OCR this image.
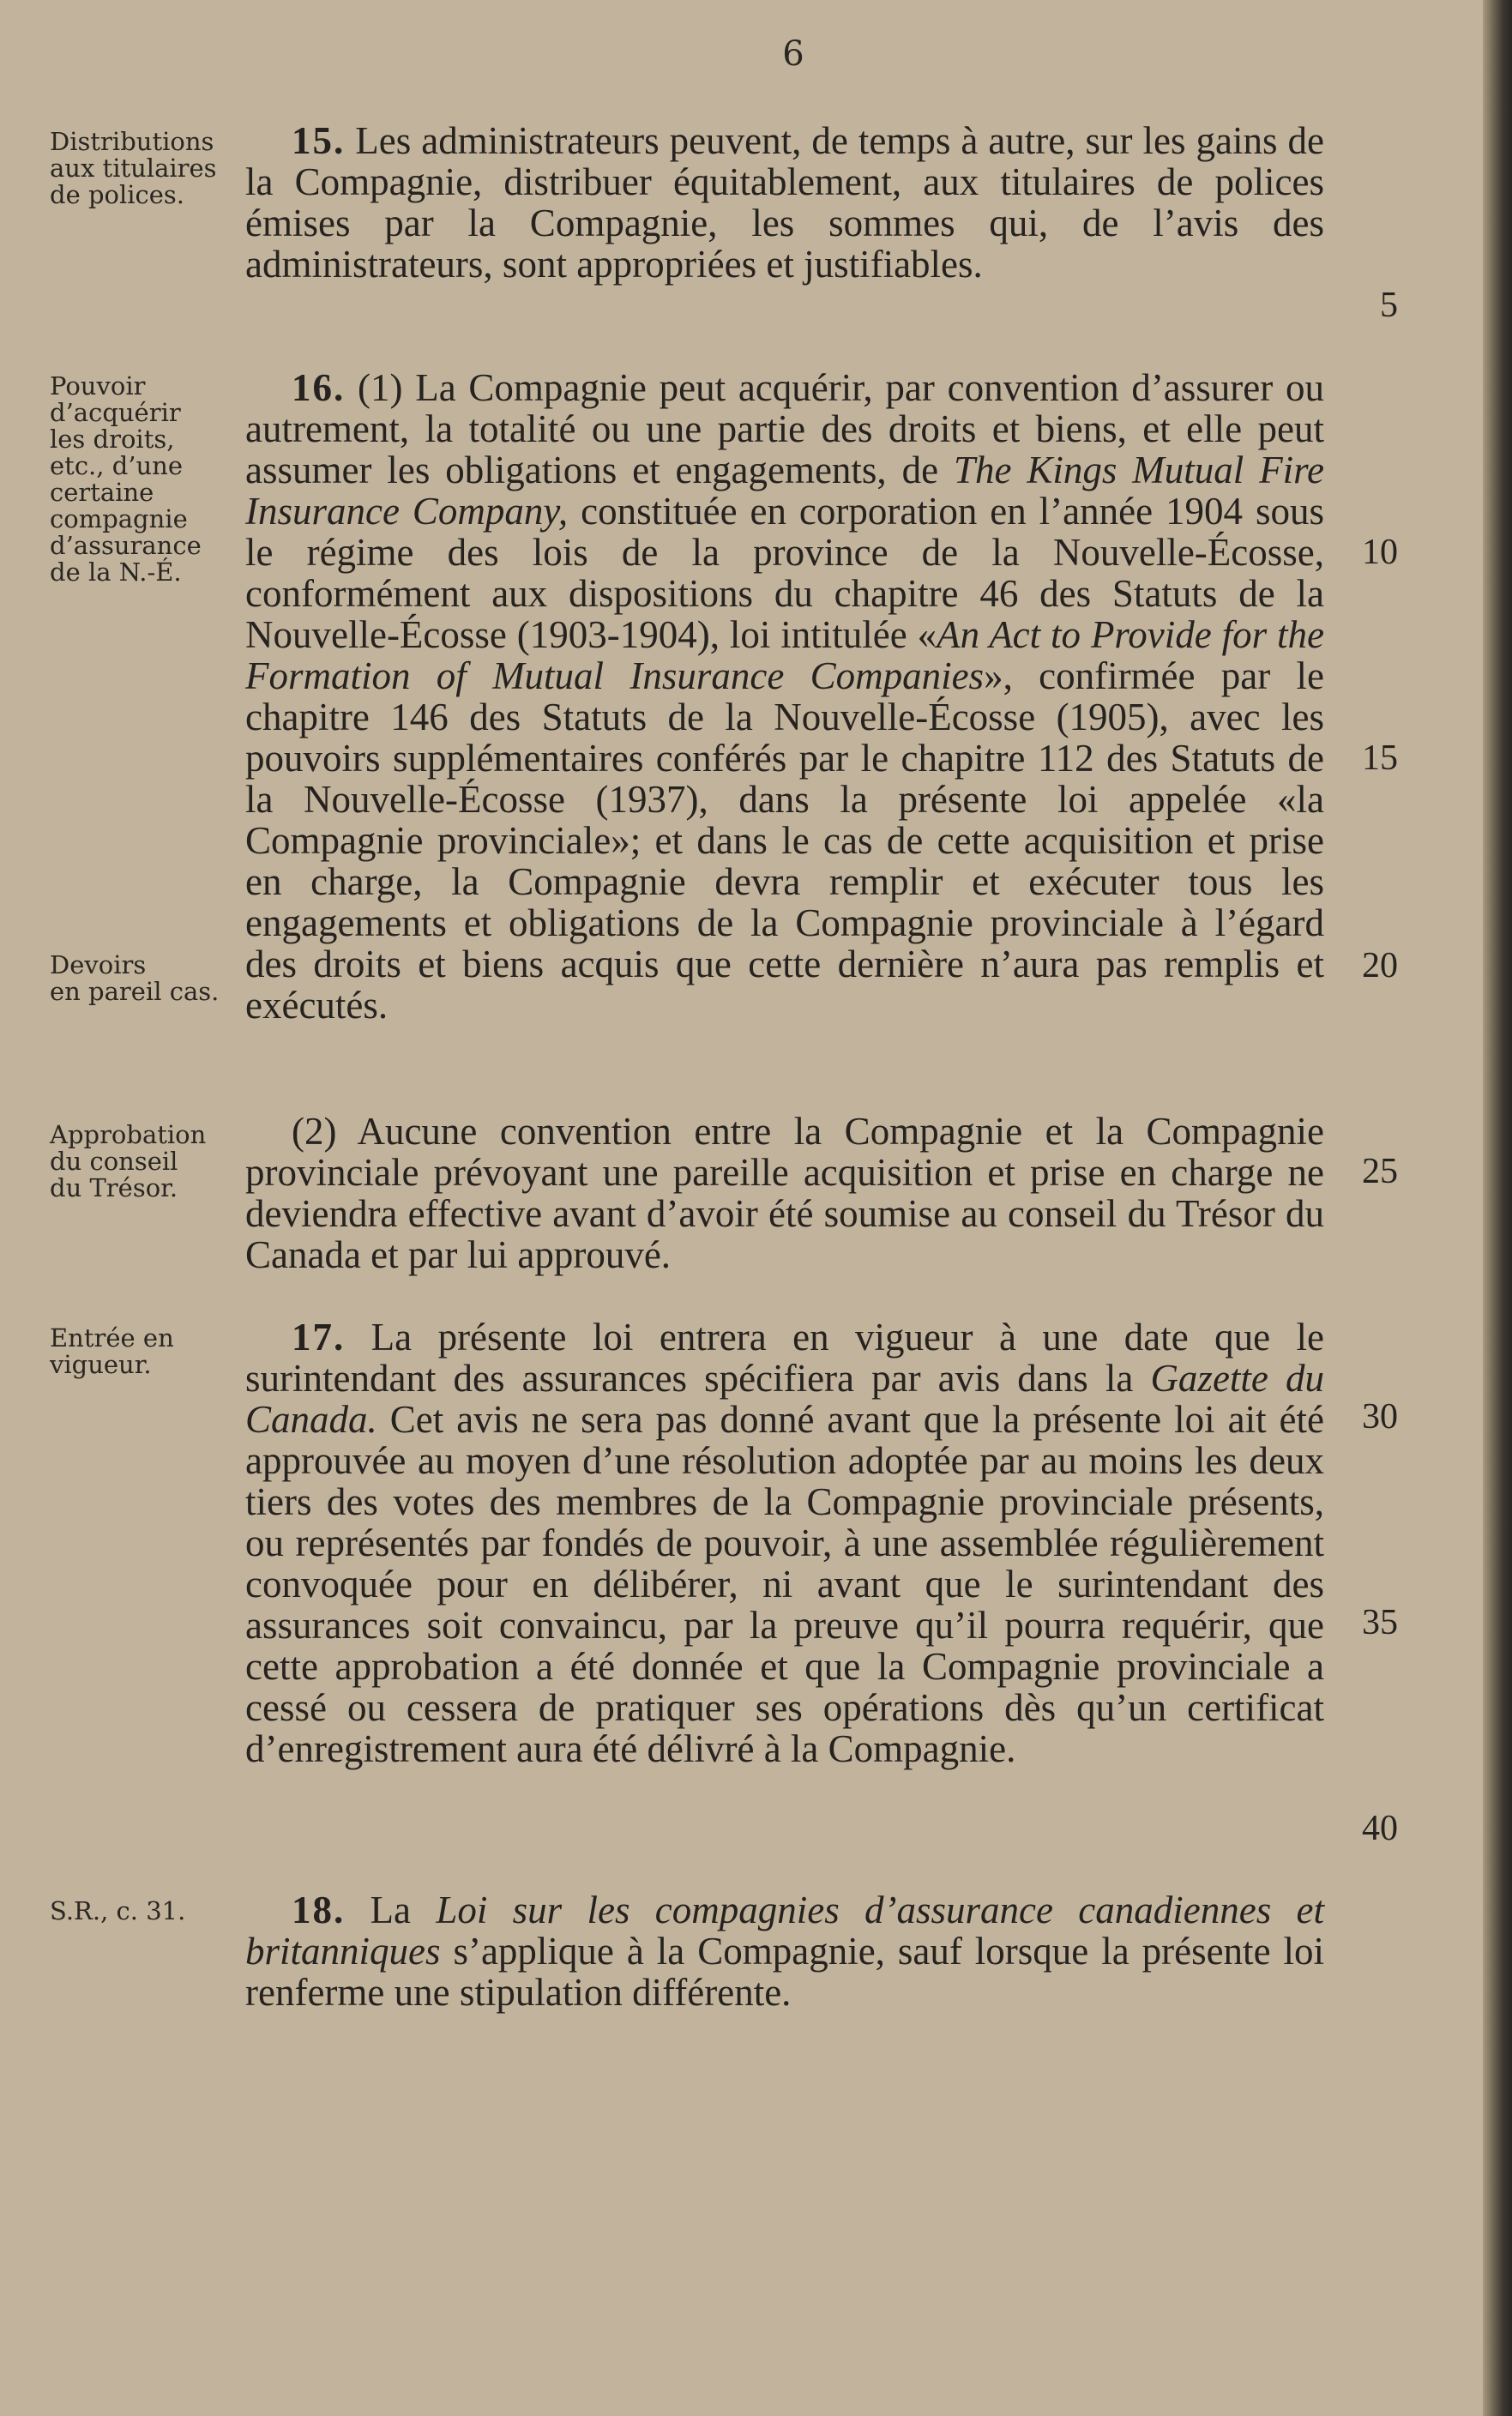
6
Distributions
aux titulaires
de polices.
Pouvoir
d’acquérir
les droits,
etc., d’une
certaine
compagnie
d’assurance
de la N.-É.
Devoirs
en pareil cas.
Approbation
du conseil
du Trésor.
Entrée en
vigueur.
S.R., c. 31.
15. Les administrateurs peuvent, de temps à autre, sur les gains de la Compagnie, distribuer équitablement, aux titulaires de polices émises par la Compagnie, les sommes qui, de l’avis des administrateurs, sont appropriées et justifiables.
16. (1) La Compagnie peut acquérir, par convention d’assurer ou autrement, la totalité ou une partie des droits et biens, et elle peut assumer les obligations et engagements, de The Kings Mutual Fire Insurance Company, constituée en corporation en l’année 1904 sous le régime des lois de la province de la Nouvelle-Écosse, conformément aux dispositions du chapitre 46 des Statuts de la Nouvelle-Écosse (1903-1904), loi intitulée «An Act to Provide for the Formation of Mutual Insurance Companies», confirmée par le chapitre 146 des Statuts de la Nouvelle-Écosse (1905), avec les pouvoirs supplémentaires conférés par le chapitre 112 des Statuts de la Nouvelle-Écosse (1937), dans la présente loi appelée «la Compagnie provinciale»; et dans le cas de cette acquisition et prise en charge, la Compagnie devra remplir et exécuter tous les engagements et obligations de la Compagnie provinciale à l’égard des droits et biens acquis que cette dernière n’aura pas remplis et exécutés.
(2) Aucune convention entre la Compagnie et la Compagnie provinciale prévoyant une pareille acquisition et prise en charge ne deviendra effective avant d’avoir été soumise au conseil du Trésor du Canada et par lui approuvé.
17. La présente loi entrera en vigueur à une date que le surintendant des assurances spécifiera par avis dans la Gazette du Canada. Cet avis ne sera pas donné avant que la présente loi ait été approuvée au moyen d’une résolution adoptée par au moins les deux tiers des votes des membres de la Compagnie provinciale présents, ou représentés par fondés de pouvoir, à une assemblée régulièrement convoquée pour en délibérer, ni avant que le surintendant des assurances soit convaincu, par la preuve qu’il pourra requérir, que cette approbation a été donnée et que la Compagnie provinciale a cessé ou cessera de pratiquer ses opérations dès qu’un certificat d’enregistrement aura été délivré à la Compagnie.
18. La Loi sur les compagnies d’assurance canadiennes et britanniques s’applique à la Compagnie, sauf lorsque la présente loi renferme une stipulation différente.
5
10
15
20
25
30
35
40
